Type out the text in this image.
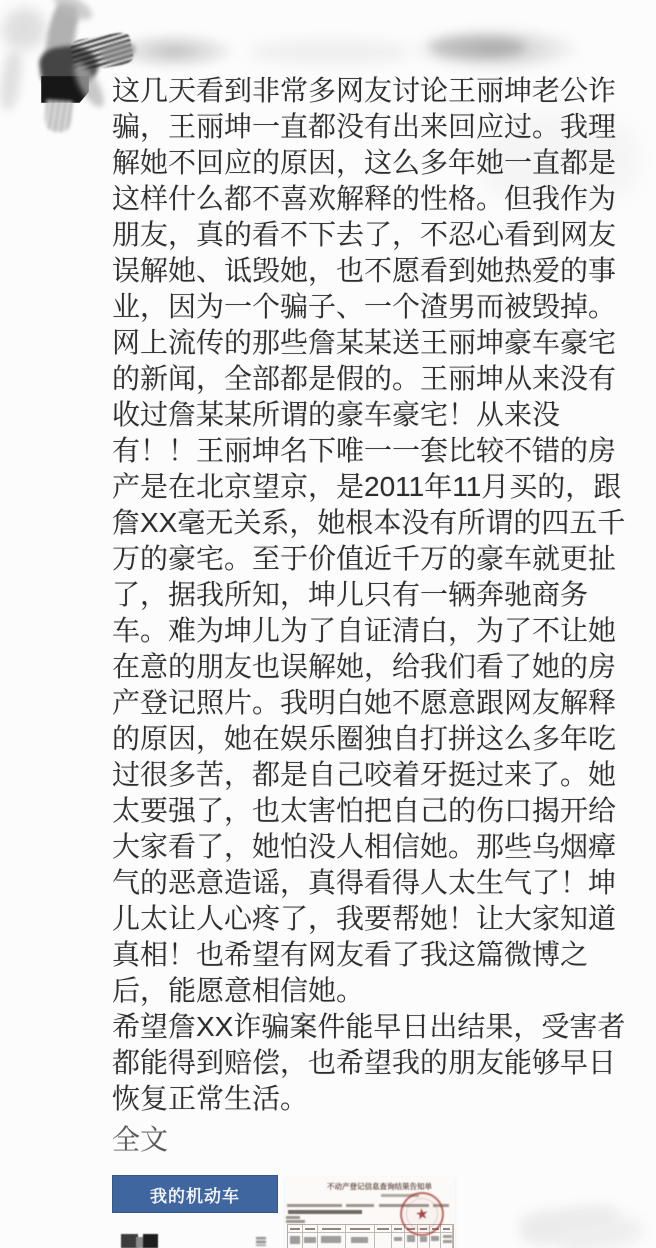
这几天看到非常多网友讨论王丽坤老公诈
骗，王丽坤一直都没有出来回应过。我理
解她不回应的原因，这么多年她一直都是
这样什么都不喜欢解释的性格。但我作为
朋友，真的看不下去了，不忍心看到网友
误解她、诋毁她，也不愿看到她热爱的事
业，因为一个骗子、一个渣男而被毁掉。
网上流传的那些詹某某送王丽坤豪车豪宅
的新闻，全部都是假的。王丽坤从来没有
收过詹某某所谓的豪车豪宅！从来没
有！！王丽坤名下唯一一套比较不错的房
产是在北京望京，是2011年11月买的，跟
詹XX毫无关系，她根本没有所谓的四五千
万的豪宅。至于价值近千万的豪车就更扯
了，据我所知，坤儿只有一辆奔驰商务
车。难为坤儿为了自证清白，为了不让她
在意的朋友也误解她，给我们看了她的房
产登记照片。我明白她不愿意跟网友解释
的原因，她在娱乐圈独自打拼这么多年吃
过很多苦，都是自己咬着牙挺过来了。她
太要强了，也太害怕把自己的伤口揭开给
大家看了，她怕没人相信她。那些乌烟瘴
气的恶意造谣，真得看得人太生气了！坤
儿太让人心疼了，我要帮她！让大家知道
真相！也希望有网友看了我这篇微博之
后，能愿意相信她。
希望詹XX诈骗案件能早日出结果，受害者
都能得到赔偿，也希望我的朋友能够早日
恢复正常生活。
全文
我的机动车	不动产登记信息查询结果告知单
★
